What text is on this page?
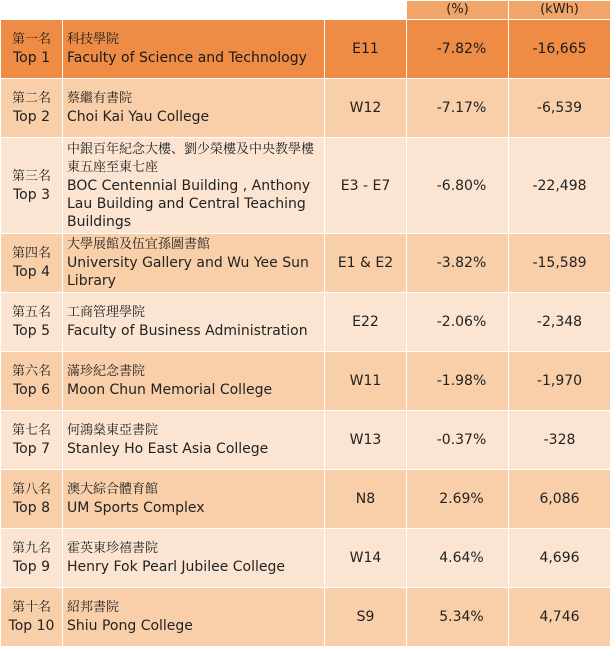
			(%)	(kWh)

第一名
Top 1	科技學院
Faculty of Science and Technology	E11	-7.82%	-16,665

第二名
Top 2	蔡繼有書院
Choi Kai Yau College	W12	-7.17%	-6,539

第三名
Top 3	中銀百年紀念大樓、劉少榮樓及中央教學樓東五座至東七座
BOC Centennial Building , Anthony Lau Building and Central Teaching Buildings	E3 - E7	-6.80%	-22,498

第四名
Top 4	大學展館及伍宜孫圖書館
University Gallery and Wu Yee Sun Library	E1 & E2	-3.82%	-15,589

第五名
Top 5	工商管理學院
Faculty of Business Administration	E22	-2.06%	-2,348

第六名
Top 6	滿珍紀念書院
Moon Chun Memorial College	W11	-1.98%	-1,970

第七名
Top 7	何鴻燊東亞書院
Stanley Ho East Asia College	W13	-0.37%	-328

第八名
Top 8	澳大綜合體育館
UM Sports Complex	N8	2.69%	6,086

第九名
Top 9	霍英東珍禧書院
Henry Fok Pearl Jubilee College	W14	4.64%	4,696

第十名
Top 10	紹邦書院
Shiu Pong College	S9	5.34%	4,746
